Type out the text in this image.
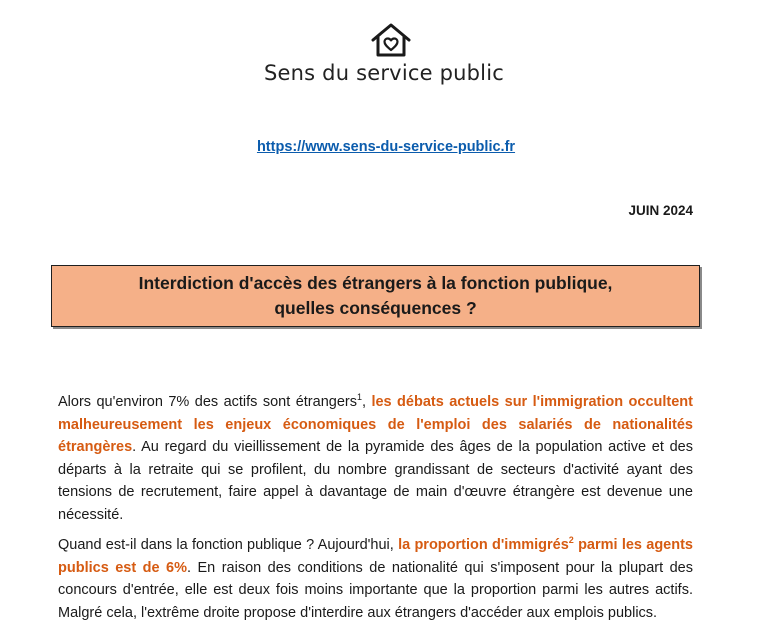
Sens du service public
https://www.sens-du-service-public.fr
JUIN 2024
Interdiction d'accès des étrangers à la fonction publique,
quelles conséquences ?

Alors qu'environ 7% des actifs sont étrangers$^1$, les débats actuels sur l'immigration occultent malheureusement les enjeux économiques de l'emploi des salariés de nationalités étrangères. Au regard du vieillissement de la pyramide des âges de la population active et des départs à la retraite qui se profilent, du nombre grandissant de secteurs d'activité ayant des tensions de recrutement, faire appel à davantage de main d'œuvre étrangère est devenue une nécessité.

Quand est-il dans la fonction publique ? Aujourd'hui, la proportion d'immigrés$^2$ parmi les agents publics est de 6%. En raison des conditions de nationalité qui s'imposent pour la plupart des concours d'entrée, elle est deux fois moins importante que la proportion parmi les autres actifs. Malgré cela, l'extrême droite propose d'interdire aux étrangers d'accéder aux emplois publics.
